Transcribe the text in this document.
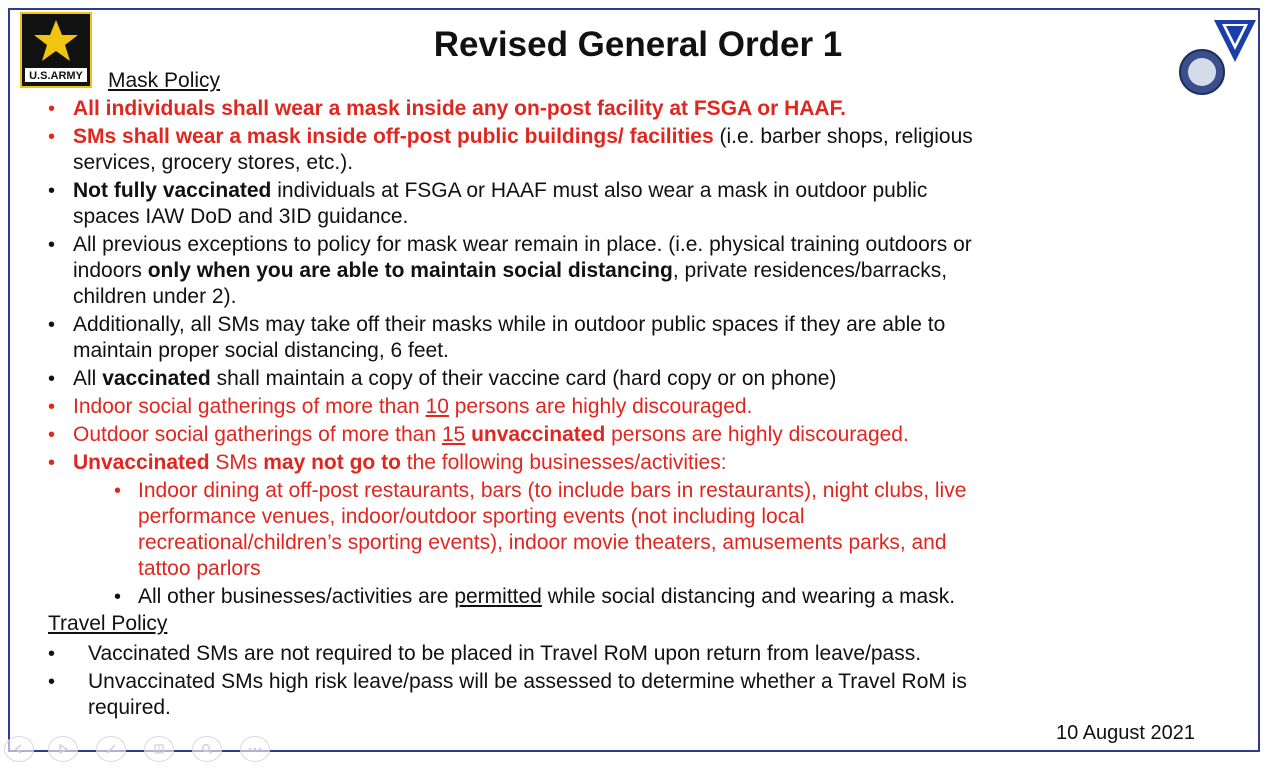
U.S.ARMY
Revised General Order 1
Mask Policy
• All individuals shall wear a mask inside any on-post facility at FSGA or HAAF.
• SMs shall wear a mask inside off-post public buildings/ facilities (i.e. barber shops, religious
services, grocery stores, etc.).
• Not fully vaccinated individuals at FSGA or HAAF must also wear a mask in outdoor public
spaces IAW DoD and 3ID guidance.
• All previous exceptions to policy for mask wear remain in place. (i.e. physical training outdoors or
indoors only when you are able to maintain social distancing, private residences/barracks,
children under 2).
• Additionally, all SMs may take off their masks while in outdoor public spaces if they are able to
maintain proper social distancing, 6 feet.
• All vaccinated shall maintain a copy of their vaccine card (hard copy or on phone)
• Indoor social gatherings of more than 10 persons are highly discouraged.
• Outdoor social gatherings of more than 15 unvaccinated persons are highly discouraged.
• Unvaccinated SMs may not go to the following businesses/activities:
• Indoor dining at off-post restaurants, bars (to include bars in restaurants), night clubs, live
performance venues, indoor/outdoor sporting events (not including local
recreational/children’s sporting events), indoor movie theaters, amusements parks, and
tattoo parlors
• All other businesses/activities are permitted while social distancing and wearing a mask.
Travel Policy
• Vaccinated SMs are not required to be placed in Travel RoM upon return from leave/pass.
• Unvaccinated SMs high risk leave/pass will be assessed to determine whether a Travel RoM is
required.
10 August 2021
